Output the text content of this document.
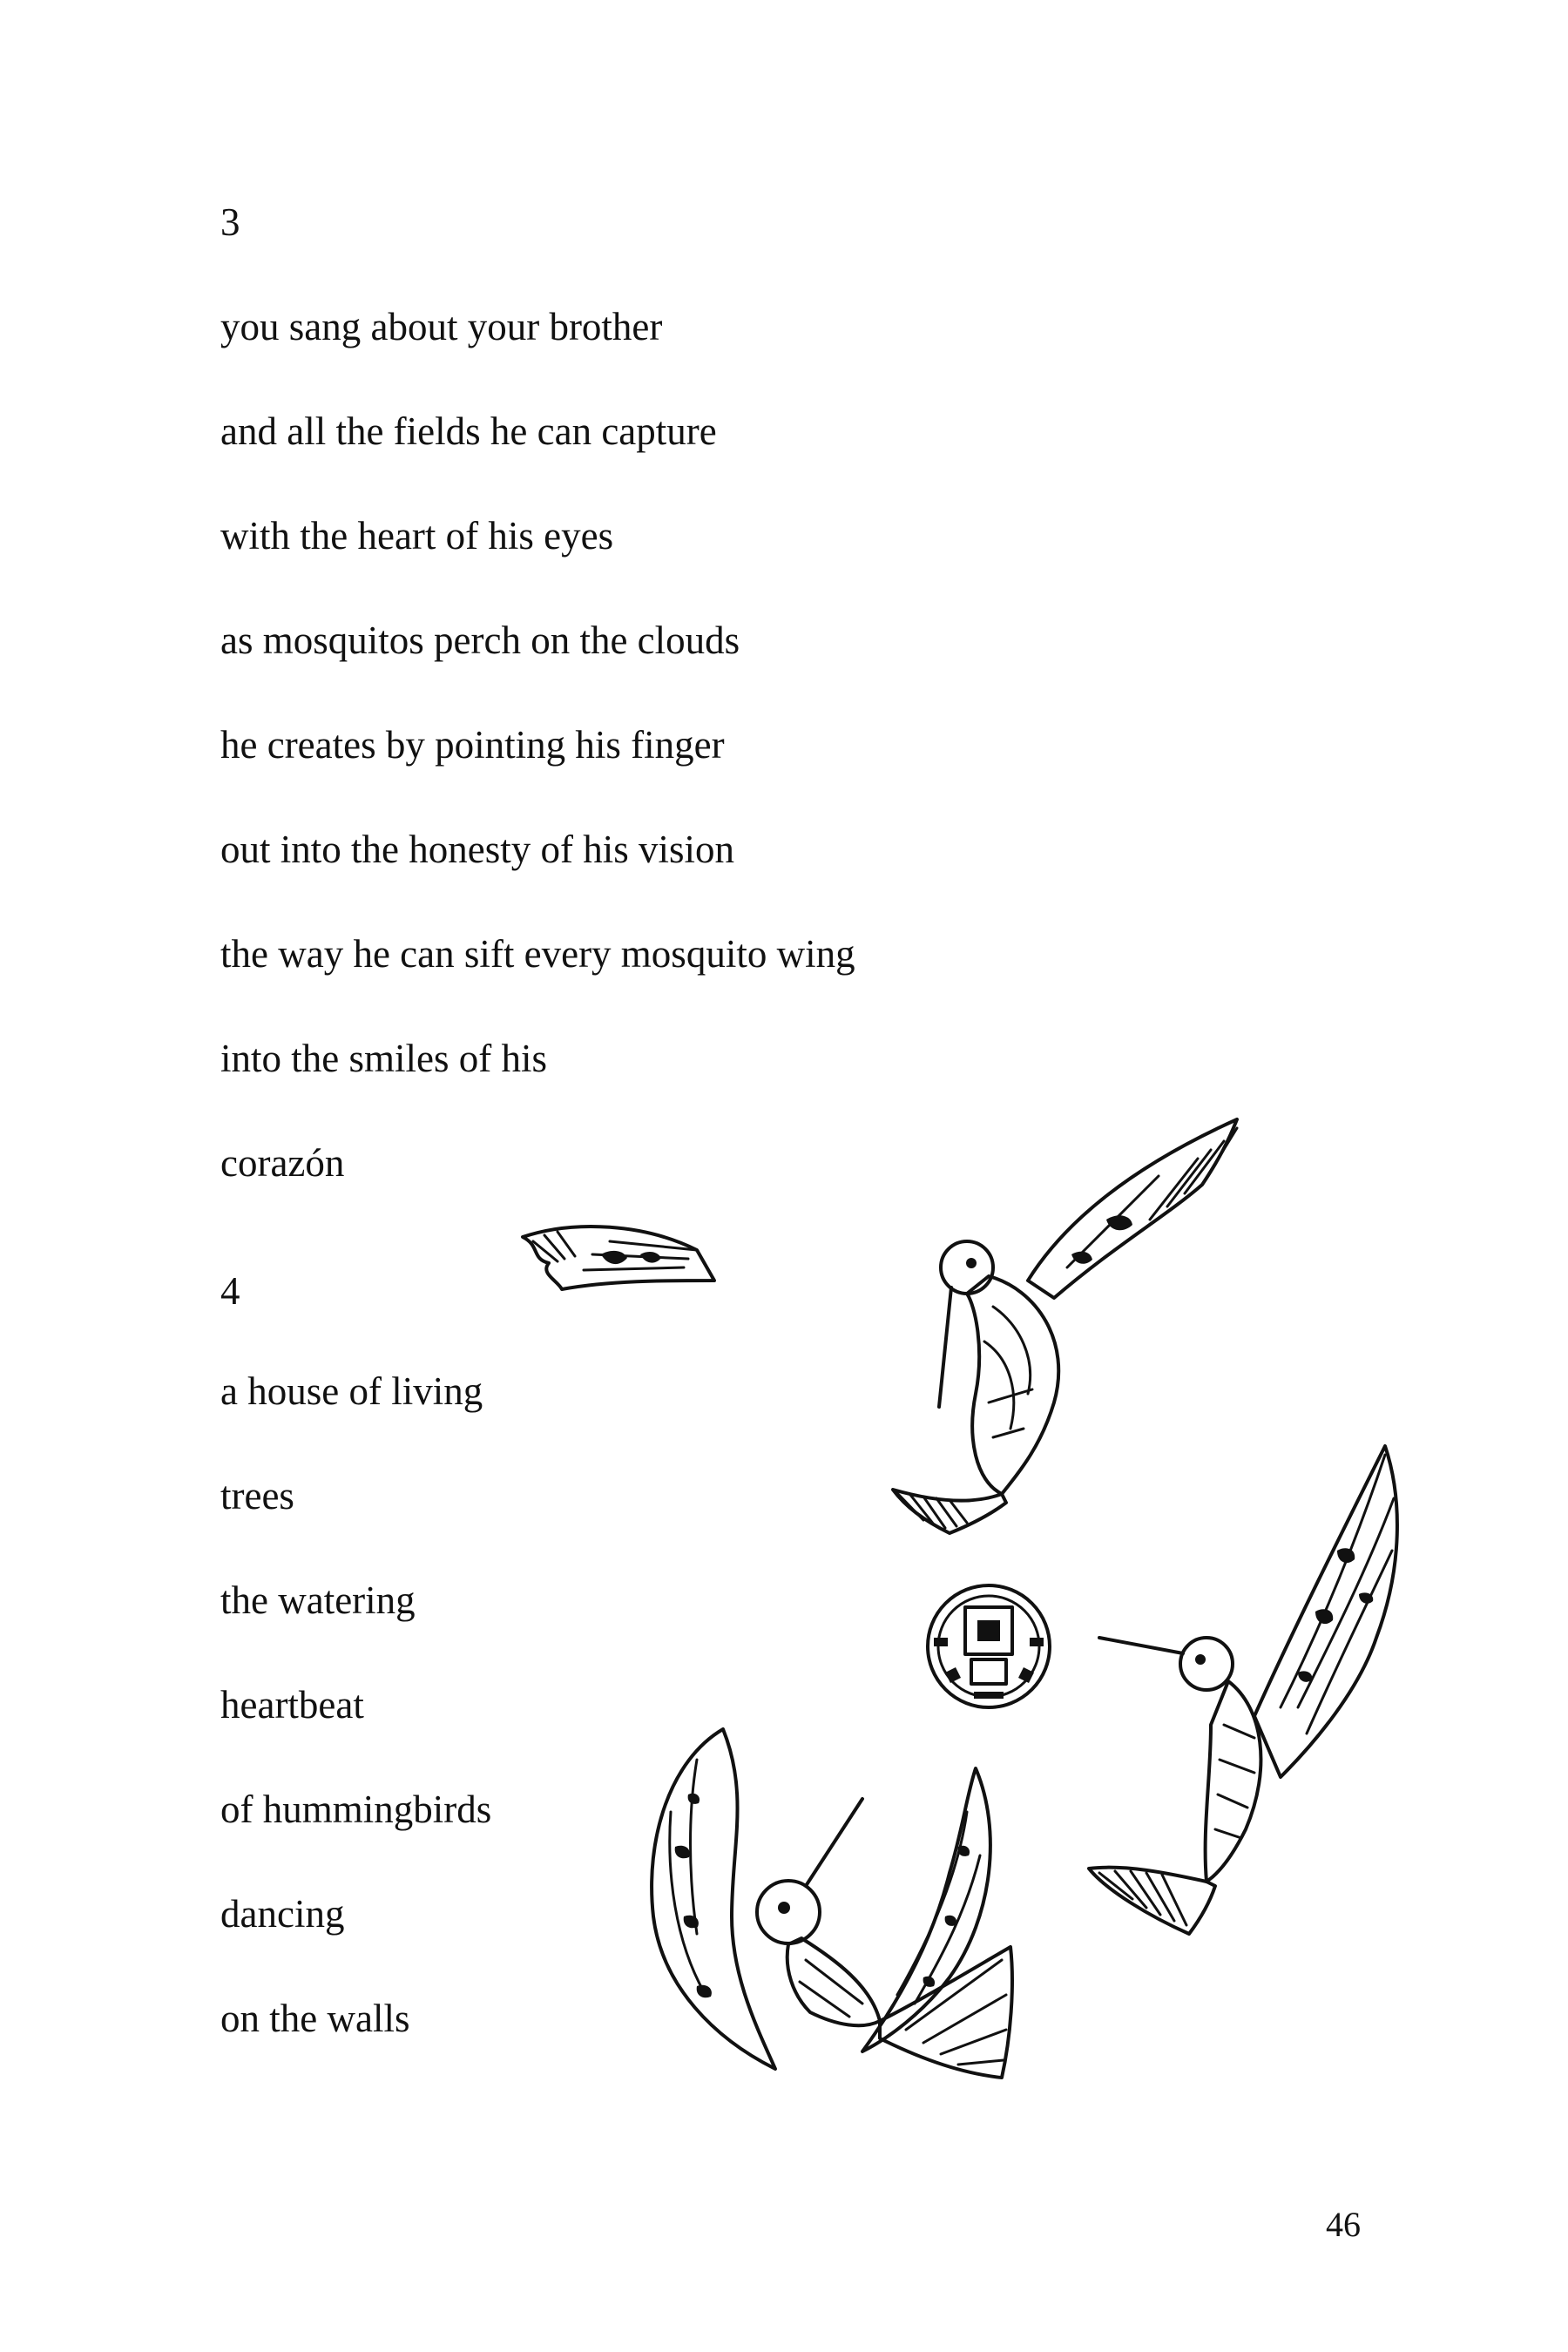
3
you sang about your brother
and all the fields he can capture
with the heart of his eyes
as mosquitos perch on the clouds
he creates by pointing his finger
out into the honesty of his vision
the way he can sift every mosquito wing
into the smiles of his
corazón
4
a house of living
trees
the watering
heartbeat
of hummingbirds
dancing
on the walls
46
